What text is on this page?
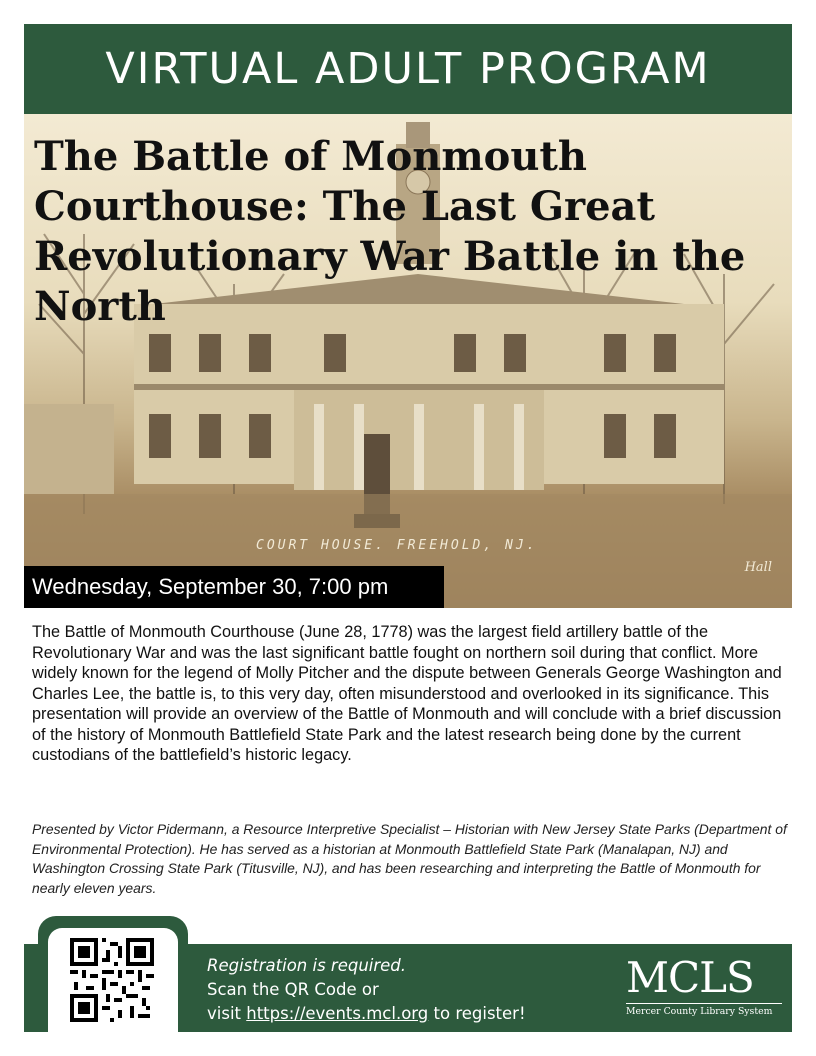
VIRTUAL ADULT PROGRAM
The Battle of Monmouth Courthouse: The Last Great Revolutionary War Battle in the North
COURT HOUSE. FREEHOLD, NJ.
Hall
Wednesday, September 30, 7:00 pm

The Battle of Monmouth Courthouse (June 28, 1778) was the largest field artillery battle of the Revolutionary War and was the last significant battle fought on northern soil during that conflict. More widely known for the legend of Molly Pitcher and the dispute between Generals George Washington and Charles Lee, the battle is, to this very day, often misunderstood and overlooked in its significance. This presentation will provide an overview of the Battle of Monmouth and will conclude with a brief discussion of the history of Monmouth Battlefield State Park and the latest research being done by the current custodians of the battlefield’s historic legacy.

Presented by Victor Pidermann, a Resource Interpretive Specialist – Historian with New Jersey State Parks (Department of Environmental Protection). He has served as a historian at Monmouth Battlefield State Park (Manalapan, NJ) and Washington Crossing State Park (Titusville, NJ), and has been researching and interpreting the Battle of Monmouth for nearly eleven years.

Registration is required.
Scan the QR Code or
visit https://events.mcl.org to register!
MCLS
Mercer County Library System
